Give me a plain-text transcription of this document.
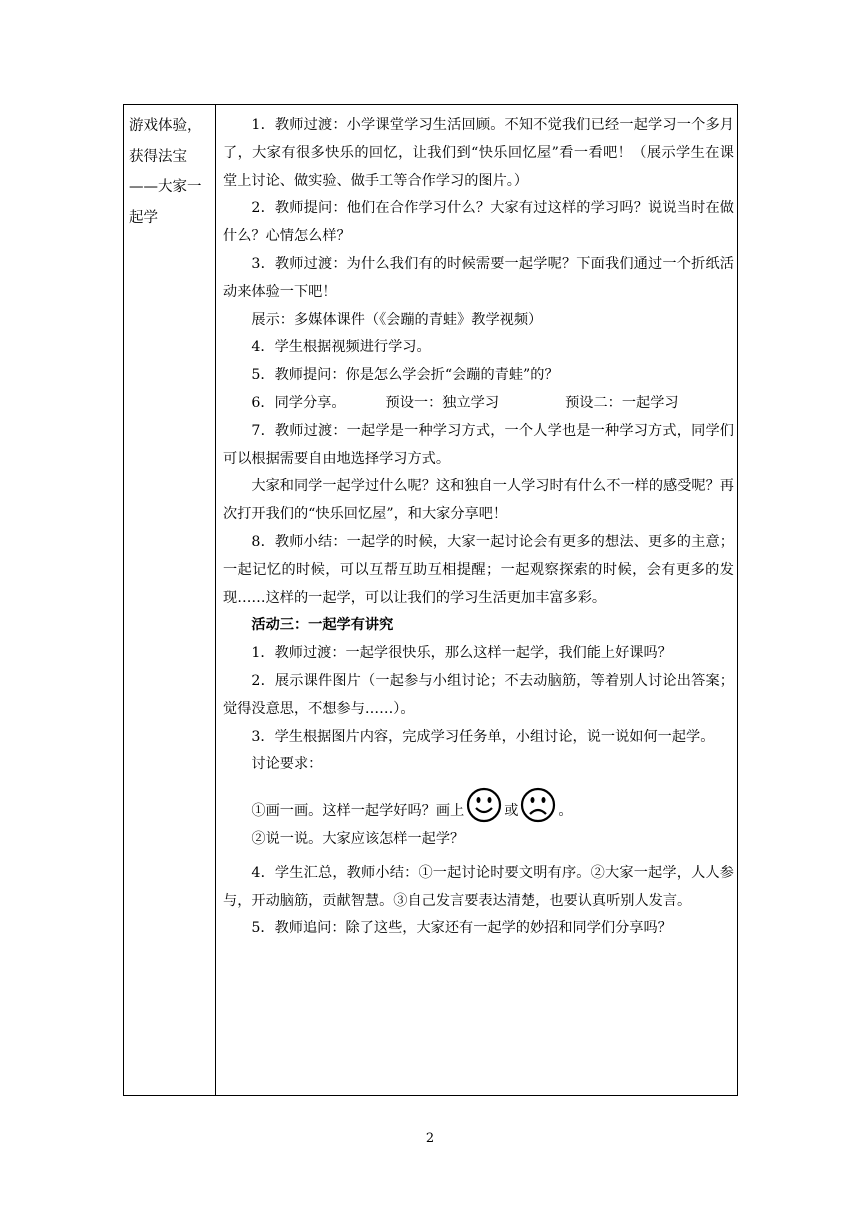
游戏体验，
获得法宝
——大家一
起学

1．教师过渡：小学课堂学习生活回顾。不知不觉我们已经一起学习一个多月了，大家有很多快乐的回忆，让我们到“快乐回忆屋”看一看吧！（展示学生在课堂上讨论、做实验、做手工等合作学习的图片。）

2．教师提问：他们在合作学习什么？大家有过这样的学习吗？说说当时在做什么？心情怎么样？

3．教师过渡：为什么我们有的时候需要一起学呢？下面我们通过一个折纸活动来体验一下吧！

展示：多媒体课件（《会蹦的青蛙》教学视频）

4．学生根据视频进行学习。

5．教师提问：你是怎么学会折“会蹦的青蛙”的？

6．同学分享。	预设一：独立学习	预设二：一起学习

7．教师过渡：一起学是一种学习方式，一个人学也是一种学习方式，同学们可以根据需要自由地选择学习方式。

大家和同学一起学过什么呢？这和独自一人学习时有什么不一样的感受呢？再次打开我们的“快乐回忆屋”，和大家分享吧！

8．教师小结：一起学的时候，大家一起讨论会有更多的想法、更多的主意；一起记忆的时候，可以互帮互助互相提醒；一起观察探索的时候，会有更多的发现……这样的一起学，可以让我们的学习生活更加丰富多彩。

活动三：一起学有讲究

1．教师过渡：一起学很快乐，那么这样一起学，我们能上好课吗？

2．展示课件图片（一起参与小组讨论；不去动脑筋，等着别人讨论出答案；觉得没意思，不想参与……）。

3．学生根据图片内容，完成学习任务单，小组讨论，说一说如何一起学。

讨论要求：

①画一画。这样一起学好吗？画上	或	。

②说一说。大家应该怎样一起学？

4．学生汇总，教师小结：①一起讨论时要文明有序。②大家一起学，人人参与，开动脑筋，贡献智慧。③自己发言要表达清楚，也要认真听别人发言。

5．教师追问：除了这些，大家还有一起学的妙招和同学们分享吗？

2
